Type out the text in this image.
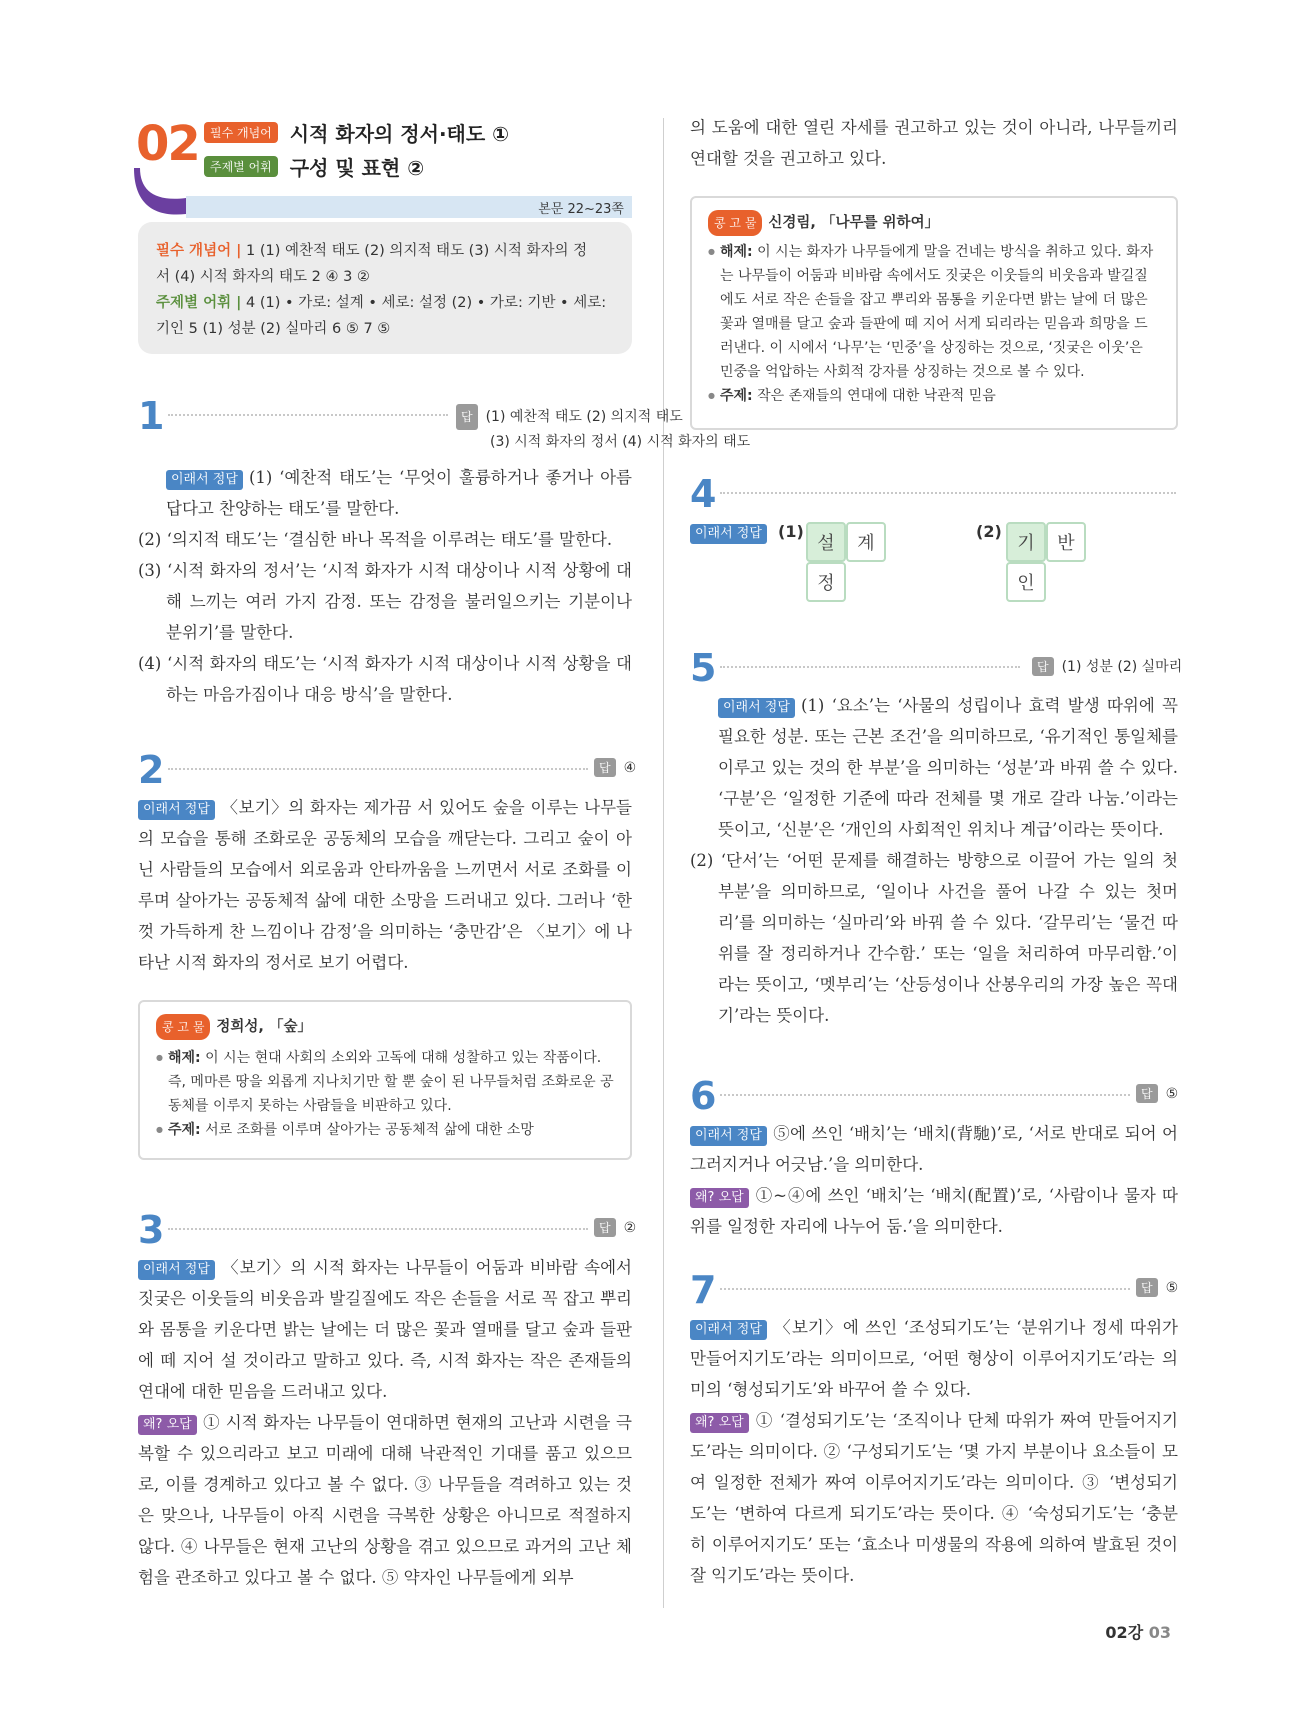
02 필수 개념어 시적 화자의 정서·태도 ①
주제별 어휘 구성 및 표현 ②
본문 22~23쪽
필수 개념어 | 1 (1) 예찬적 태도 (2) 의지적 태도 (3) 시적 화자의 정
서 (4) 시적 화자의 태도 2 ④ 3 ②
주제별 어휘 | 4 (1) • 가로: 설계 • 세로: 설정 (2) • 가로: 기반 • 세로:
기인 5 (1) 성분 (2) 실마리 6 ⑤ 7 ⑤
1	답 (1) 예찬적 태도 (2) 의지적 태도
(3) 시적 화자의 정서 (4) 시적 화자의 태도
이래서 정답 (1) ‘예찬적 태도’는 ‘무엇이 훌륭하거나 좋거나 아름답다고 찬양하는 태도’를 말한다.
(2) ‘의지적 태도’는 ‘결심한 바나 목적을 이루려는 태도’를 말한다.
(3) ‘시적 화자의 정서’는 ‘시적 화자가 시적 대상이나 시적 상황에 대해 느끼는 여러 가지 감정. 또는 감정을 불러일으키는 기분이나 분위기’를 말한다.
(4) ‘시적 화자의 태도’는 ‘시적 화자가 시적 대상이나 시적 상황을 대하는 마음가짐이나 대응 방식’을 말한다.
2	답 ④
이래서 정답 〈보기〉의 화자는 제가끔 서 있어도 숲을 이루는 나무들의 모습을 통해 조화로운 공동체의 모습을 깨닫는다. 그리고 숲이 아닌 사람들의 모습에서 외로움과 안타까움을 느끼면서 서로 조화를 이루며 살아가는 공동체적 삶에 대한 소망을 드러내고 있다. 그러나 ‘한껏 가득하게 찬 느낌이나 감정’을 의미하는 ‘충만감’은 〈보기〉에 나타난 시적 화자의 정서로 보기 어렵다.
콩 고 물 정희성, 「숲」
● 해제: 이 시는 현대 사회의 소외와 고독에 대해 성찰하고 있는 작품이다. 즉, 메마른 땅을 외롭게 지나치기만 할 뿐 숲이 된 나무들처럼 조화로운 공동체를 이루지 못하는 사람들을 비판하고 있다.
● 주제: 서로 조화를 이루며 살아가는 공동체적 삶에 대한 소망
3	답 ②
이래서 정답 〈보기〉의 시적 화자는 나무들이 어둠과 비바람 속에서 짓궂은 이웃들의 비웃음과 발길질에도 작은 손들을 서로 꼭 잡고 뿌리와 몸통을 키운다면 밝는 날에는 더 많은 꽃과 열매를 달고 숲과 들판에 떼 지어 설 것이라고 말하고 있다. 즉, 시적 화자는 작은 존재들의 연대에 대한 믿음을 드러내고 있다.
왜? 오답 ① 시적 화자는 나무들이 연대하면 현재의 고난과 시련을 극복할 수 있으리라고 보고 미래에 대해 낙관적인 기대를 품고 있으므로, 이를 경계하고 있다고 볼 수 없다. ③ 나무들을 격려하고 있는 것은 맞으나, 나무들이 아직 시련을 극복한 상황은 아니므로 적절하지 않다. ④ 나무들은 현재 고난의 상황을 겪고 있으므로 과거의 고난 체험을 관조하고 있다고 볼 수 없다. ⑤ 약자인 나무들에게 외부
의 도움에 대한 열린 자세를 권고하고 있는 것이 아니라, 나무들끼리 연대할 것을 권고하고 있다.
콩 고 물 신경림, 「나무를 위하여」
● 해제: 이 시는 화자가 나무들에게 말을 건네는 방식을 취하고 있다. 화자는 나무들이 어둠과 비바람 속에서도 짓궂은 이웃들의 비웃음과 발길질에도 서로 작은 손들을 잡고 뿌리와 몸통을 키운다면 밝는 날에 더 많은 꽃과 열매를 달고 숲과 들판에 떼 지어 서게 되리라는 믿음과 희망을 드러낸다. 이 시에서 ‘나무’는 ‘민중’을 상징하는 것으로, ‘짓궂은 이웃’은 민중을 억압하는 사회적 강자를 상징하는 것으로 볼 수 있다.
● 주제: 작은 존재들의 연대에 대한 낙관적 믿음
4
이래서 정답 (1)
설	계
정
(2)
기	반
인
5	답 (1) 성분 (2) 실마리
이래서 정답 (1) ‘요소’는 ‘사물의 성립이나 효력 발생 따위에 꼭 필요한 성분. 또는 근본 조건’을 의미하므로, ‘유기적인 통일체를 이루고 있는 것의 한 부분’을 의미하는 ‘성분’과 바꿔 쓸 수 있다. ‘구분’은 ‘일정한 기준에 따라 전체를 몇 개로 갈라 나눔.’이라는 뜻이고, ‘신분’은 ‘개인의 사회적인 위치나 계급’이라는 뜻이다.
(2) ‘단서’는 ‘어떤 문제를 해결하는 방향으로 이끌어 가는 일의 첫 부분’을 의미하므로, ‘일이나 사건을 풀어 나갈 수 있는 첫머리’를 의미하는 ‘실마리’와 바꿔 쓸 수 있다. ‘갈무리’는 ‘물건 따위를 잘 정리하거나 간수함.’ 또는 ‘일을 처리하여 마무리함.’이라는 뜻이고, ‘멧부리’는 ‘산등성이나 산봉우리의 가장 높은 꼭대기’라는 뜻이다.
6	답 ⑤
이래서 정답 ⑤에 쓰인 ‘배치’는 ‘배치(背馳)’로, ‘서로 반대로 되어 어그러지거나 어긋남.’을 의미한다.
왜? 오답 ①~④에 쓰인 ‘배치’는 ‘배치(配置)’로, ‘사람이나 물자 따위를 일정한 자리에 나누어 둠.’을 의미한다.
7	답 ⑤
이래서 정답 〈보기〉에 쓰인 ‘조성되기도’는 ‘분위기나 정세 따위가 만들어지기도’라는 의미이므로, ‘어떤 형상이 이루어지기도’라는 의미의 ‘형성되기도’와 바꾸어 쓸 수 있다.
왜? 오답 ① ‘결성되기도’는 ‘조직이나 단체 따위가 짜여 만들어지기도’라는 의미이다. ② ‘구성되기도’는 ‘몇 가지 부분이나 요소들이 모여 일정한 전체가 짜여 이루어지기도’라는 의미이다. ③ ‘변성되기도’는 ‘변하여 다르게 되기도’라는 뜻이다. ④ ‘숙성되기도’는 ‘충분히 이루어지기도’ 또는 ‘효소나 미생물의 작용에 의하여 발효된 것이 잘 익기도’라는 뜻이다.
02강 03
